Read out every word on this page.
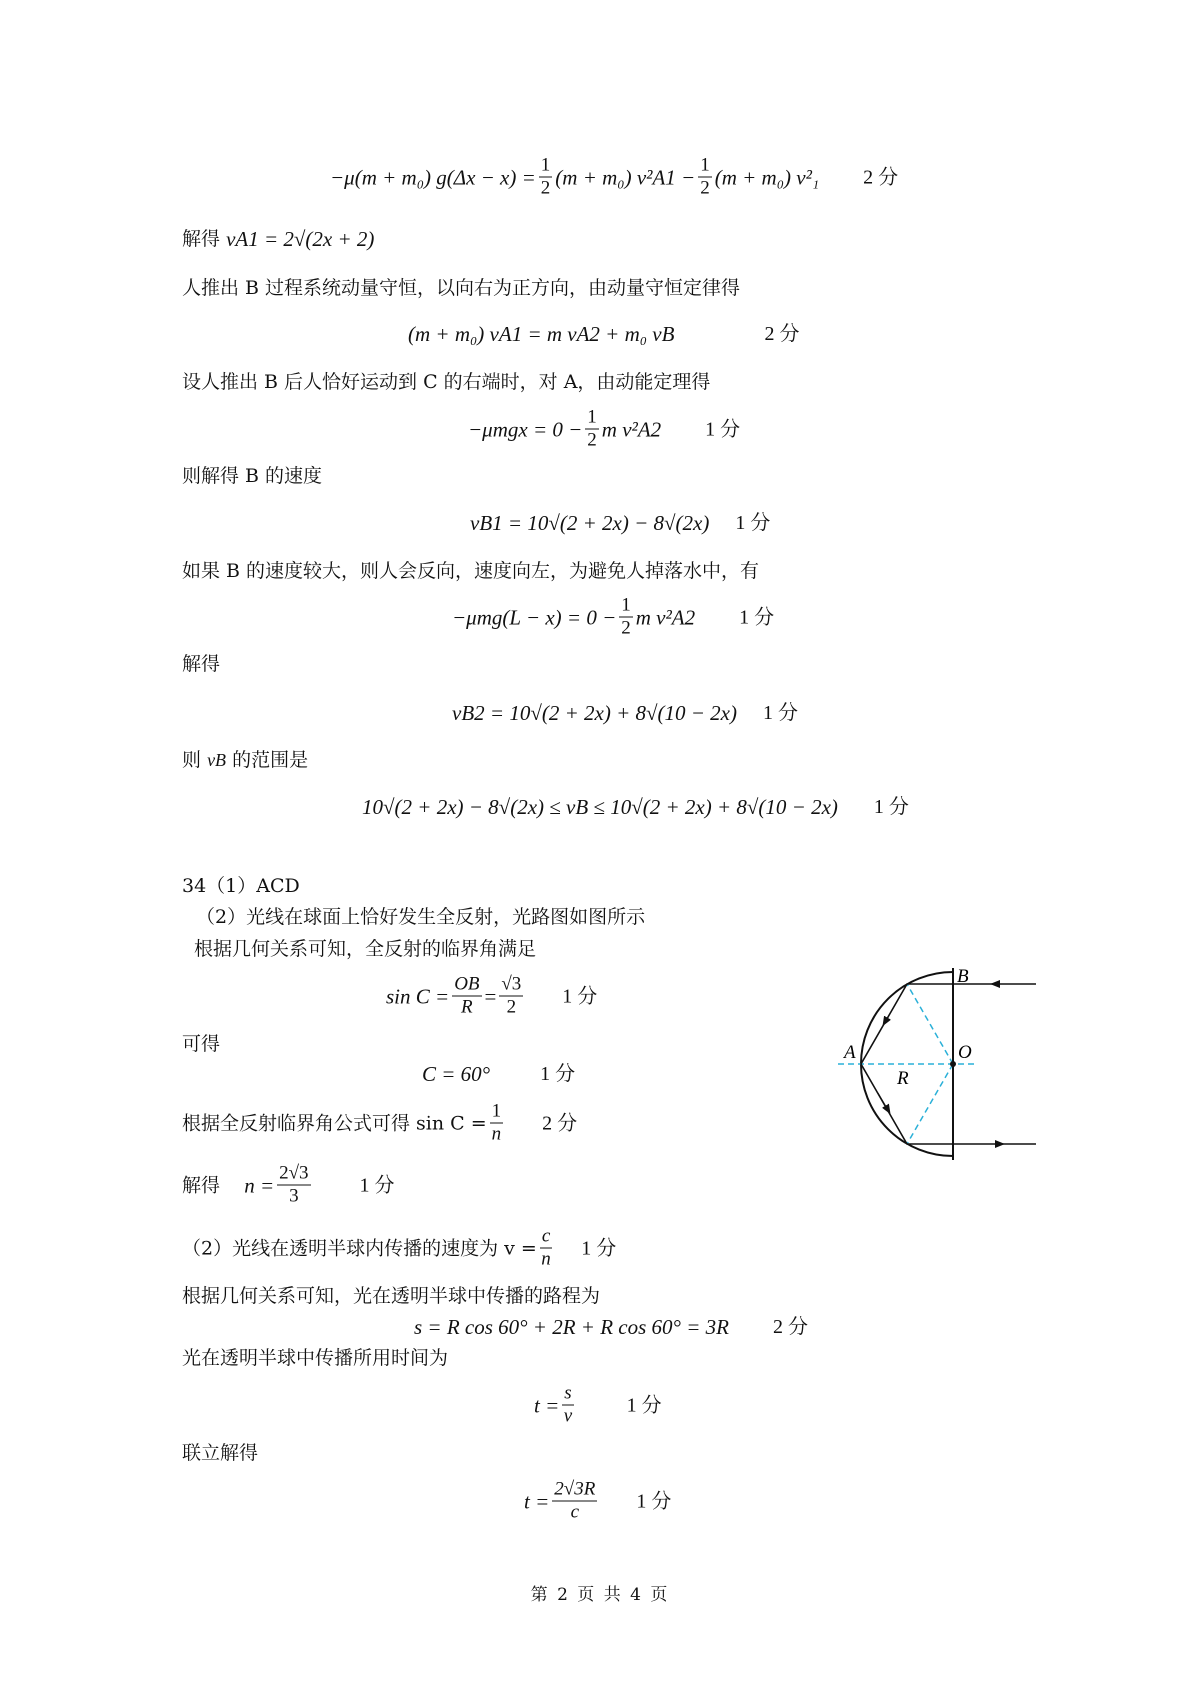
−μ(m + m₀) $g(\Delta x - x) = \frac{1}{2} (m + m_0) v^2A1 - \frac{1}{2} (m + m_0)$ v²₁ 2 分
解得
vA1 = 2√(2x + 2)
人推出 B 过程系统动量守恒，以向右为正方向，由动量守恒定律得
(m + m₀) vA1 = m vA2 + m₀ vB	2 分
设人推出 B 后人恰好运动到 C 的右端时，对 A，由动能定理得
$-\mu mgx = 0 - \frac{1}{2}$ m v²A2 1 分
则解得 B 的速度
vB1 = 10√(2 + 2x) − 8√(2x) 1 分
如果 B 的速度较大，则人会反向，速度向左，为避免人掉落水中，有
$-\mu mg(L - x) = 0 - \frac{1}{2}$ m v²A2 1 分
解得
vB2 = 10√(2 + 2x) + 8√(10 − 2x) 1 分
则
vB
的范围是
10√(2 + 2x) − 8√(2x) ≤ vB ≤ 10√(2 + 2x) + 8√(10 − 2x) 1 分
34（1）ACD
（2）光线在球面上恰好发生全反射，光路图如图所示
根据几何关系可知，全反射的临界角满足
$\sin C = \frac{OB}{R} = \frac{√3}{2} 1$ 分
可得
C = 60°	1 分
根据全反射临界角公式可得 $\sin C = \frac{1}{n} 2$ 分
解得
$n = \frac{2√3}{3} 1$ 分
（2）光线在透明半球内传播的速度为 $v = \frac{c}{n} 1$ 分
根据几何关系可知，光在透明半球中传播的路程为
s = R cos 60° + 2R + R cos 60° = 3R 2 分
光在透明半球中传播所用时间为
$t = \frac{s}{v}$	1 分
联立解得
$t = \frac{2√3R}{c} 1$ 分
B
A	O
R
第 2 页 共 4 页
